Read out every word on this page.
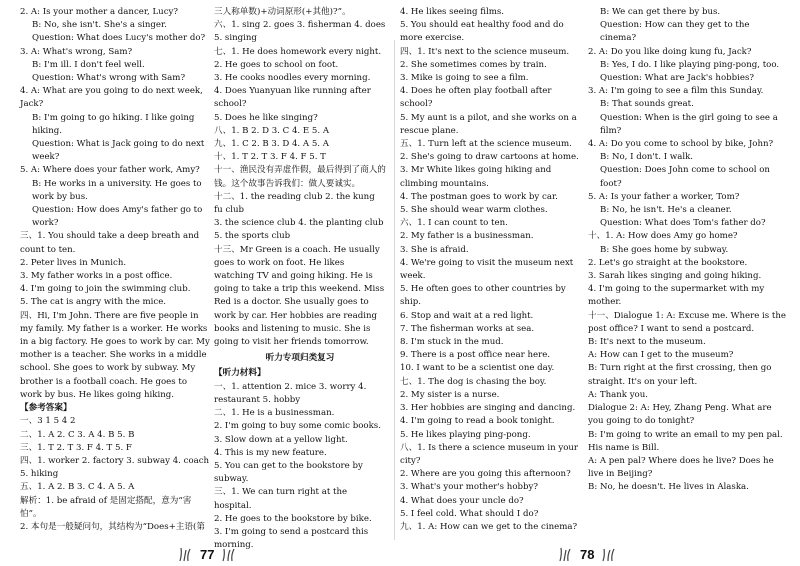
2. A: Is your mother a dancer, Lucy?
B: No, she isn't. She's a singer.
Question: What does Lucy's mother do?
3. A: What's wrong, Sam?
B: I'm ill. I don't feel well.
Question: What's wrong with Sam?
4. A: What are you going to do next week, Jack?
B: I'm going to go hiking. I like going hiking.
Question: What is Jack going to do next week?
5. A: Where does your father work, Amy?
B: He works in a university. He goes to work by bus.
Question: How does Amy's father go to work?
三、1. You should take a deep breath and count to ten.
2. Peter lives in Munich.
3. My father works in a post office.
4. I'm going to join the swimming club.
5. The cat is angry with the mice.
四、Hi, I'm John. There are five people in my family. My father is a worker. He works in a big factory. He goes to work by car. My mother is a teacher. She works in a middle school. She goes to work by subway. My brother is a football coach. He goes to work by bus. He likes going hiking.
【参考答案】
一、3 1 5 4 2
二、1. A 2. C 3. A 4. B 5. B
三、1. T 2. T 3. F 4. T 5. F
四、1. worker 2. factory 3. subway 4. coach 5. hiking
五、1. A 2. B 3. C 4. A 5. A
解析：1. be afraid of 是固定搭配，意为“害怕”。
2. 本句是一般疑问句，其结构为“Does+主语(第
三人称单数)+动词原形(+其他)?”。
六、1. sing 2. goes 3. fisherman 4. does
5. singing
七、1. He does homework every night.
2. He goes to school on foot.
3. He cooks noodles every morning.
4. Does Yuanyuan like running after school?
5. Does he like singing?
八、1. B 2. D 3. C 4. E 5. A
九、1. C 2. B 3. D 4. A 5. A
十、1. T 2. T 3. F 4. F 5. T
十一、渔民没有弄虚作假，最后得到了商人的钱。这个故事告诉我们：做人要诚实。
十二、1. the reading club 2. the kung fu club
3. the science club 4. the planting club
5. the sports club
十三、Mr Green is a coach. He usually goes to work on foot. He likes watching TV and going hiking. He is going to take a trip this weekend. Miss Red is a doctor. She usually goes to work by car. Her hobbies are reading books and listening to music. She is going to visit her friends tomorrow.
听力专项归类复习
【听力材料】
一、1. attention 2. mice 3. worry 4. restaurant 5. hobby
二、1. He is a businessman.
2. I'm going to buy some comic books.
3. Slow down at a yellow light.
4. This is my new feature.
5. You can get to the bookstore by subway.
三、1. We can turn right at the hospital.
2. He goes to the bookstore by bike.
3. I'm going to send a postcard this morning.
4. He likes seeing films.
5. You should eat healthy food and do more exercise.
四、1. It's next to the science museum.
2. She sometimes comes by train.
3. Mike is going to see a film.
4. Does he often play football after school?
5. My aunt is a pilot, and she works on a rescue plane.
五、1. Turn left at the science museum.
2. She's going to draw cartoons at home.
3. Mr White likes going hiking and climbing mountains.
4. The postman goes to work by car.
5. She should wear warm clothes.
六、1. I can count to ten.
2. My father is a businessman.
3. She is afraid.
4. We're going to visit the museum next week.
5. He often goes to other countries by ship.
6. Stop and wait at a red light.
7. The fisherman works at sea.
8. I'm stuck in the mud.
9. There is a post office near here.
10. I want to be a scientist one day.
七、1. The dog is chasing the boy.
2. My sister is a nurse.
3. Her hobbies are singing and dancing.
4. I'm going to read a book tonight.
5. He likes playing ping-pong.
八、1. Is there a science museum in your city?
2. Where are you going this afternoon?
3. What's your mother's hobby?
4. What does your uncle do?
5. I feel cold. What should I do?
九、1. A: How can we get to the cinema?
B: We can get there by bus.
Question: How can they get to the cinema?
2. A: Do you like doing kung fu, Jack?
B: Yes, I do. I like playing ping-pong, too.
Question: What are Jack's hobbies?
3. A: I'm going to see a film this Sunday.
B: That sounds great.
Question: When is the girl going to see a film?
4. A: Do you come to school by bike, John?
B: No, I don't. I walk.
Question: Does John come to school on foot?
5. A: Is your father a worker, Tom?
B: No, he isn't. He's a cleaner.
Question: What does Tom's father do?
十、1. A: How does Amy go home?
B: She goes home by subway.
2. Let's go straight at the bookstore.
3. Sarah likes singing and going hiking.
4. I'm going to the supermarket with my mother.
十一、Dialogue 1: A: Excuse me. Where is the post office? I want to send a postcard.
B: It's next to the museum.
A: How can I get to the museum?
B: Turn right at the first crossing, then go straight. It's on your left.
A: Thank you.
Dialogue 2: A: Hey, Zhang Peng. What are you going to do tonight?
B: I'm going to write an email to my pen pal. His name is Bill.
A: A pen pal? Where does he live? Does he live in Beijing?
B: No, he doesn't. He lives in Alaska.
77	78
